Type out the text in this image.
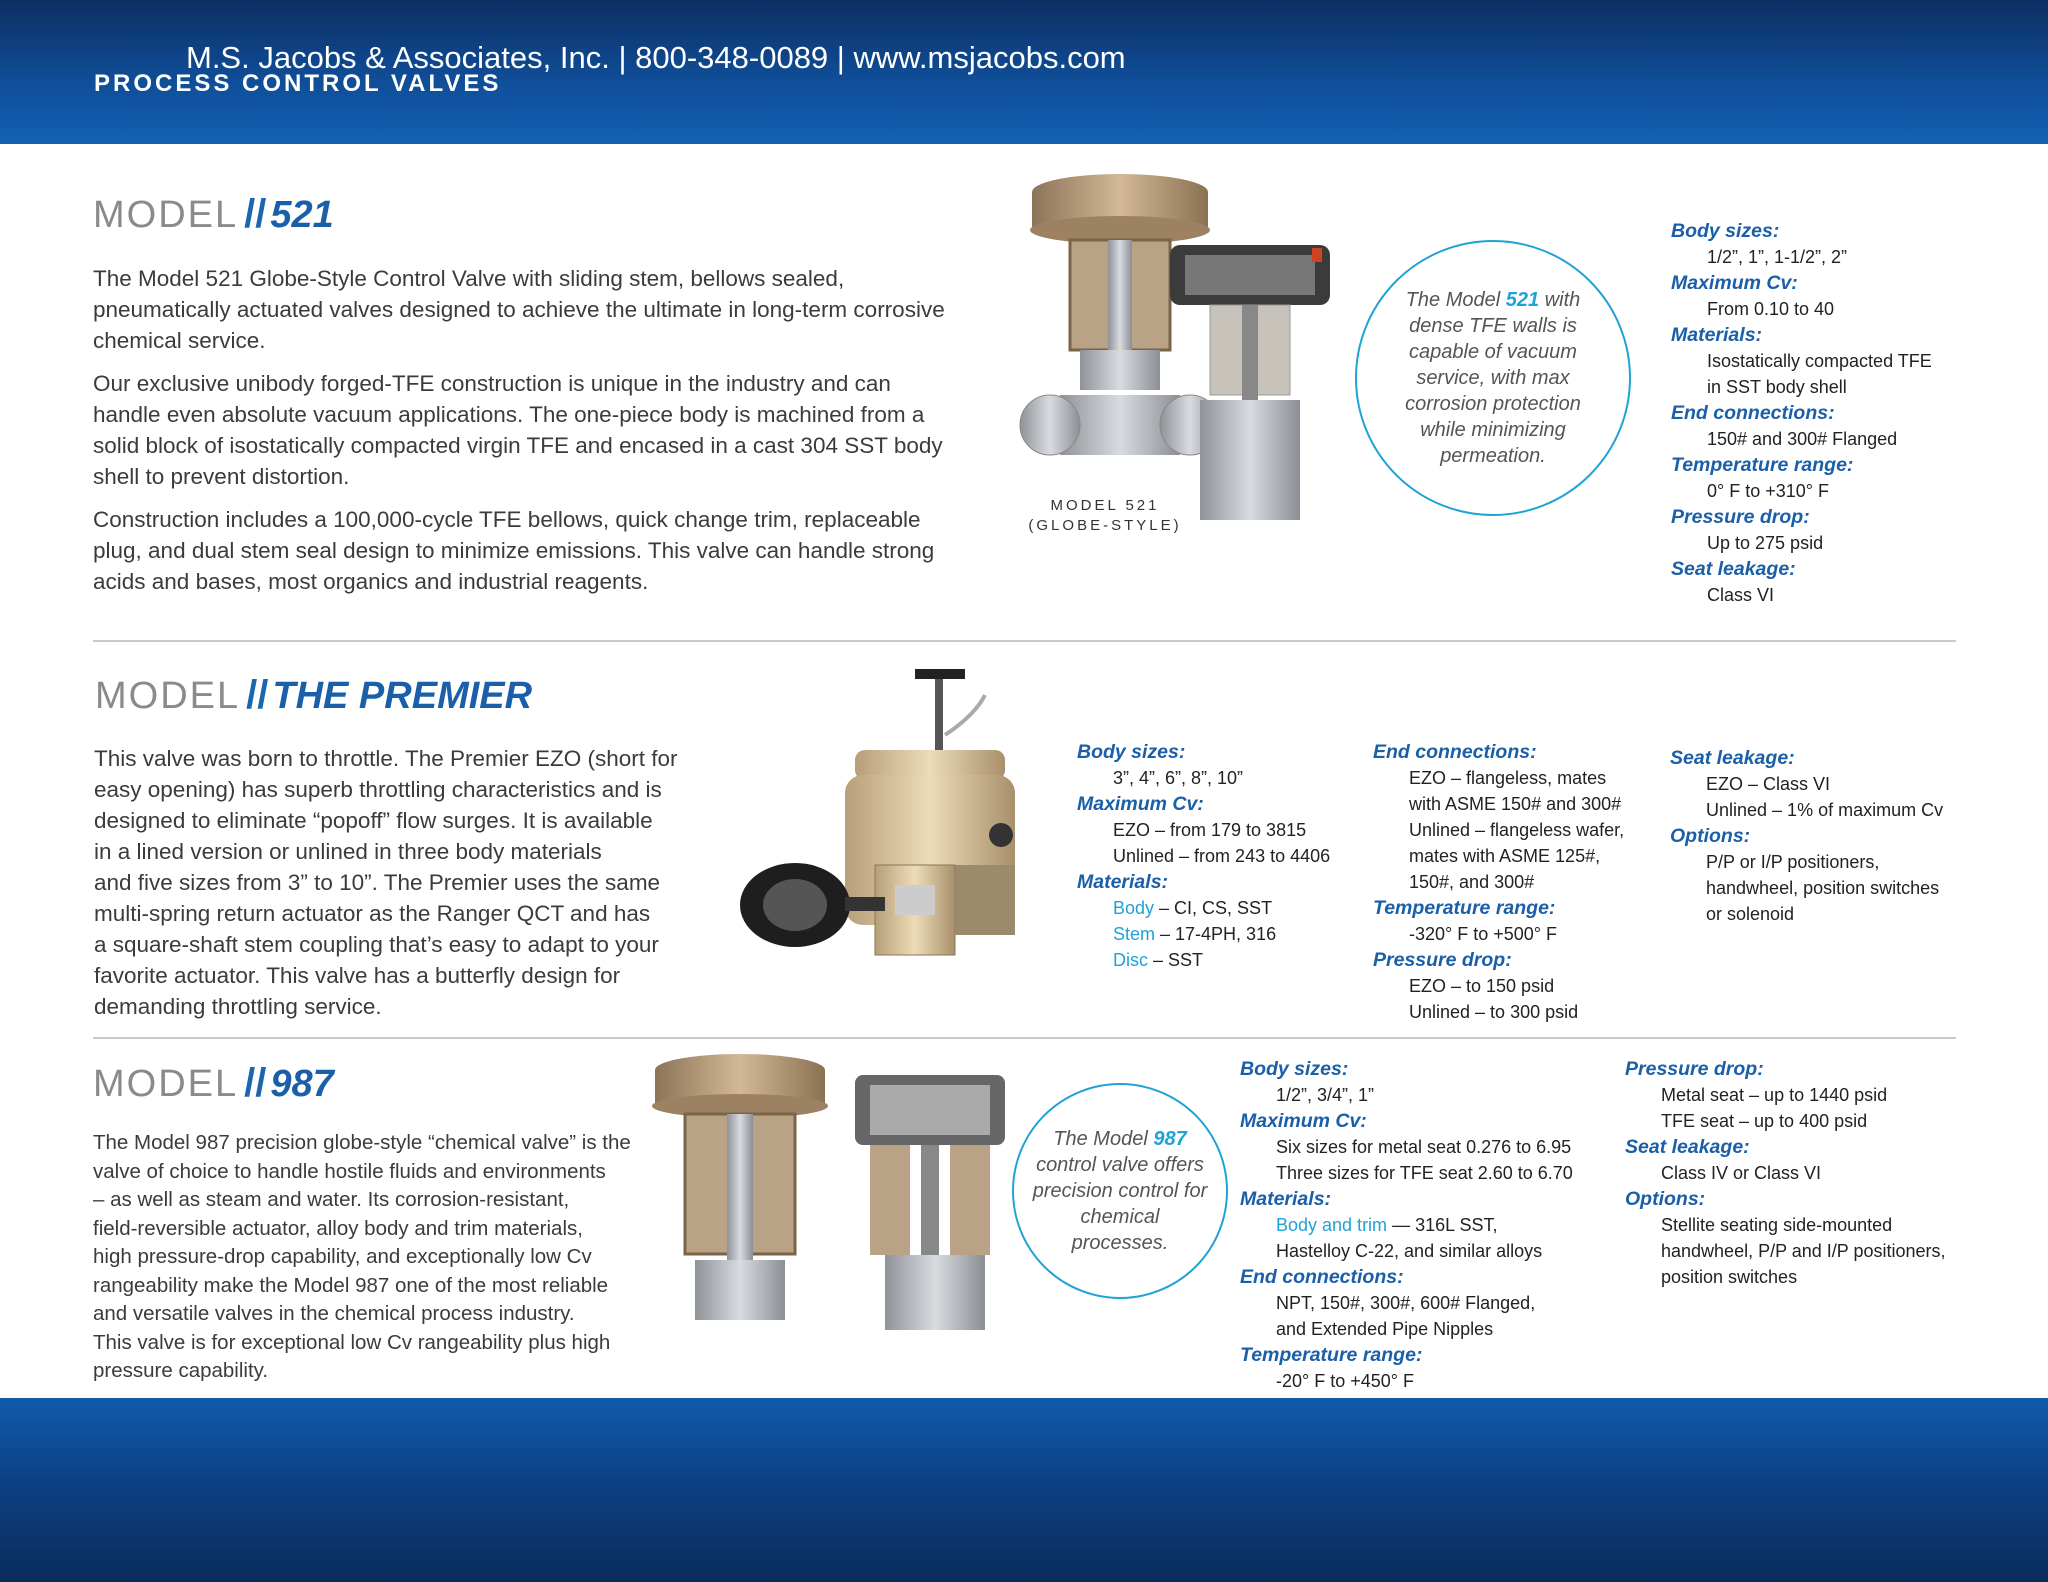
M.S. Jacobs & Associates, Inc. | 800-348-0089 | www.msjacobs.com
PROCESS CONTROL VALVES
MODEL // 521

The Model 521 Globe-Style Control Valve with sliding stem, bellows sealed, pneumatically actuated valves designed to achieve the ultimate in long-term corrosive chemical service.

Our exclusive unibody forged-TFE construction is unique in the industry and can handle even absolute vacuum applications. The one-piece body is machined from a solid block of isostatically compacted virgin TFE and encased in a cast 304 SST body shell to prevent distortion.

Construction includes a 100,000-cycle TFE bellows, quick change trim, replaceable plug, and dual stem seal design to minimize emissions. This valve can handle strong acids and bases, most organics and industrial reagents.

MODEL 521
(GLOBE-STYLE)
The Model 521 with dense TFE walls is capable of vacuum service, with max corrosion protection while minimizing permeation.
Body sizes:
1/2”, 1”, 1-1/2”, 2”
Maximum Cv:
From 0.10 to 40
Materials:
Isostatically compacted TFE
in SST body shell
End connections:
150# and 300# Flanged
Temperature range:
0° F to +310° F
Pressure drop:
Up to 275 psid
Seat leakage:
Class VI
MODEL // THE PREMIER
This valve was born to throttle. The Premier EZO (short for
easy opening) has superb throttling characteristics and is
designed to eliminate “popoff” flow surges. It is available
in a lined version or unlined in three body materials
and five sizes from 3” to 10”. The Premier uses the same
multi-spring return actuator as the Ranger QCT and has
a square-shaft stem coupling that’s easy to adapt to your
favorite actuator. This valve has a butterfly design for
demanding throttling service.
Body sizes:
3”, 4”, 6”, 8”, 10”
Maximum Cv:
EZO – from 179 to 3815
Unlined – from 243 to 4406
Materials:
Body – CI, CS, SST
Stem – 17-4PH, 316
Disc – SST
End connections:
EZO – flangeless, mates
with ASME 150# and 300#
Unlined – flangeless wafer,
mates with ASME 125#,
150#, and 300#
Temperature range:
-320° F to +500° F
Pressure drop:
EZO – to 150 psid
Unlined – to 300 psid
Seat leakage:
EZO – Class VI
Unlined – 1% of maximum Cv
Options:
P/P or I/P positioners,
handwheel, position switches
or solenoid
MODEL // 987
The Model 987 precision globe-style “chemical valve” is the
valve of choice to handle hostile fluids and environments
– as well as steam and water. Its corrosion-resistant,
field-reversible actuator, alloy body and trim materials,
high pressure-drop capability, and exceptionally low Cv
rangeability make the Model 987 one of the most reliable
and versatile valves in the chemical process industry.
This valve is for exceptional low Cv rangeability plus high
pressure capability.
The Model 987 control valve offers precision control for chemical processes.
Body sizes:
1/2”, 3/4”, 1”
Maximum Cv:
Six sizes for metal seat 0.276 to 6.95
Three sizes for TFE seat 2.60 to 6.70
Materials:
Body and trim — 316L SST,
Hastelloy C-22, and similar alloys
End connections:
NPT, 150#, 300#, 600# Flanged,
and Extended Pipe Nipples
Temperature range:
-20° F to +450° F
Pressure drop:
Metal seat – up to 1440 psid
TFE seat – up to 400 psid
Seat leakage:
Class IV or Class VI
Options:
Stellite seating side-mounted
handwheel, P/P and I/P positioners,
position switches
